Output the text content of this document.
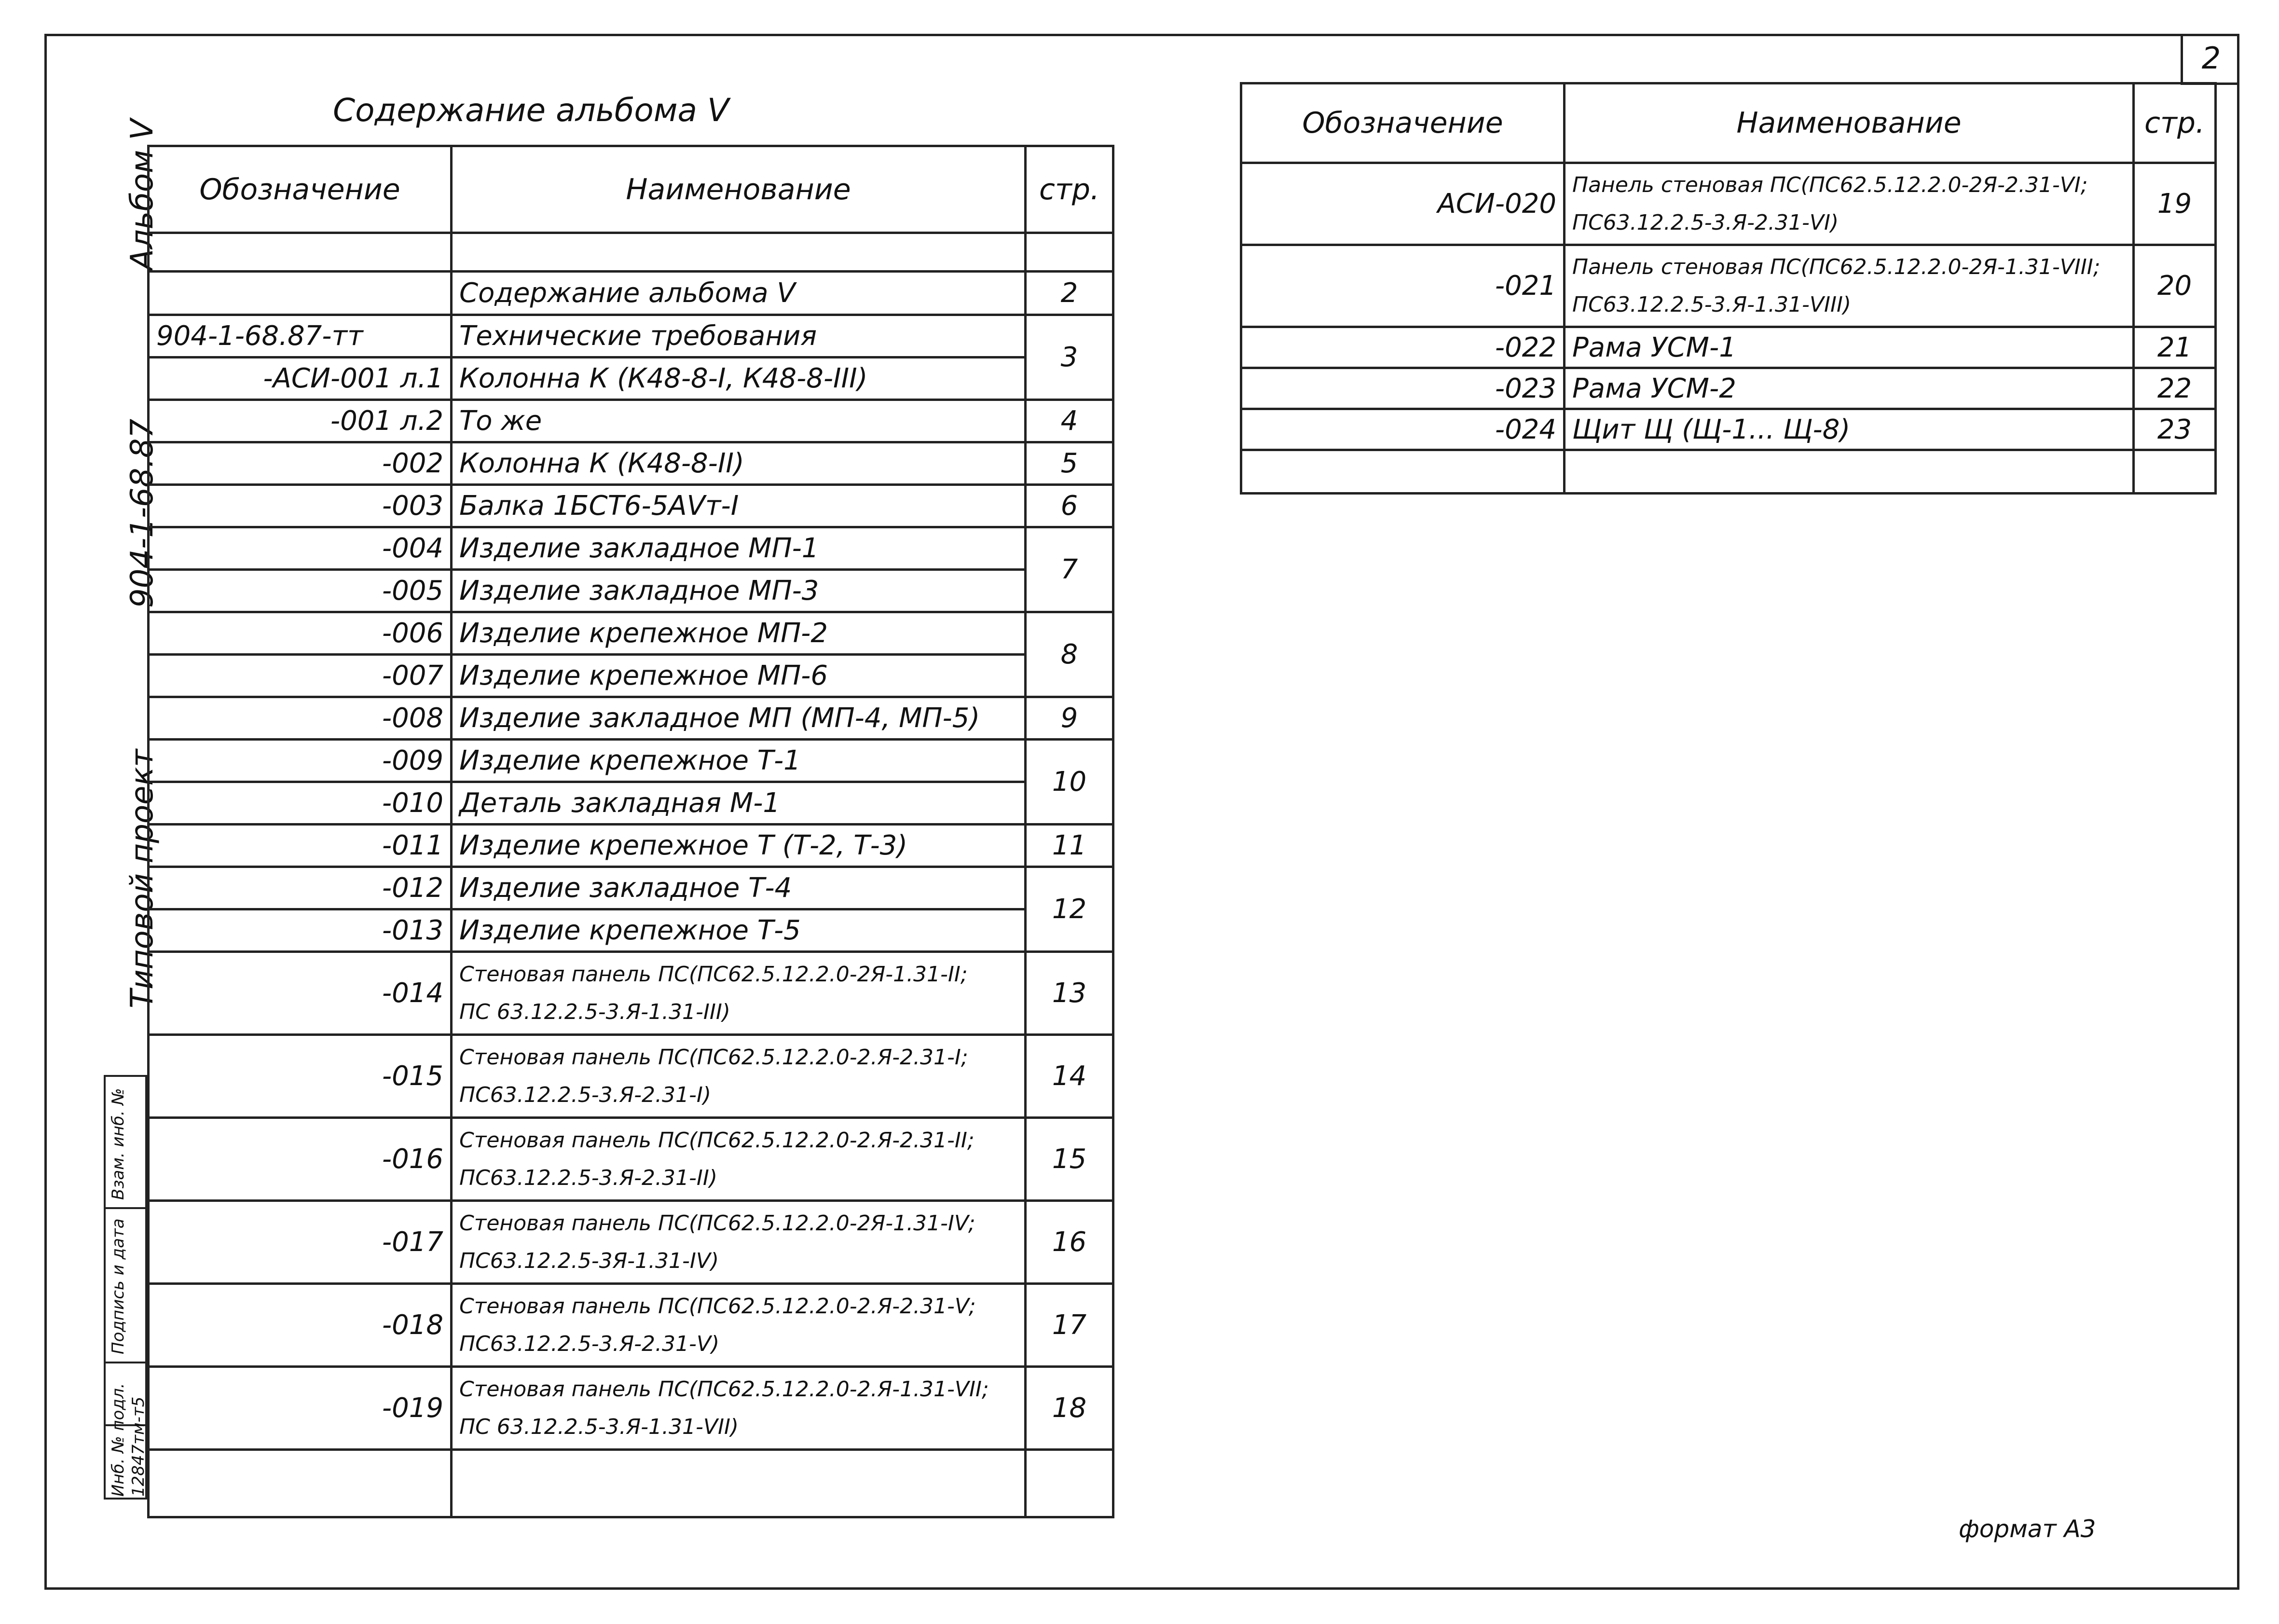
2
Альбом V
904-1-68.87
Типовой проект
Взам. инб. №
Подпись и дата
Инб. № подл. 12847тм-т5
Содержание альбома V
Обозначение	Наименование	стр.

	Содержание альбома V	2
904-1-68.87-тт	Технические требования	3
-АСИ-001 л.1	Колонна К (К48-8-I, К48-8-III)	
-001 л.2	То же	4
-002	Колонна К (К48-8-II)	5
-003	Балка 1БСТ6-5АVт-I	6
-004	Изделие закладное МП-1	7
-005	Изделие закладное МП-3	
-006	Изделие крепежное МП-2	8
-007	Изделие крепежное МП-6	
-008	Изделие закладное МП (МП-4, МП-5)	9
-009	Изделие крепежное Т-1	10
-010	Деталь закладная М-1	
-011	Изделие крепежное Т (Т-2, Т-3)	11
-012	Изделие закладное Т-4	12
-013	Изделие крепежное Т-5	
-014	Стеновая панель ПС(ПС62.5.12.2.0-2Я-1.31-II;
ПС 63.12.2.5-3.Я-1.31-III)	13
-015	Стеновая панель ПС(ПС62.5.12.2.0-2.Я-2.31-I;
ПС63.12.2.5-3.Я-2.31-I)	14
-016	Стеновая панель ПС(ПС62.5.12.2.0-2.Я-2.31-II;
ПС63.12.2.5-3.Я-2.31-II)	15
-017	Стеновая панель ПС(ПС62.5.12.2.0-2Я-1.31-IV;
ПС63.12.2.5-3Я-1.31-IV)	16
-018	Стеновая панель ПС(ПС62.5.12.2.0-2.Я-2.31-V;
ПС63.12.2.5-3.Я-2.31-V)	17
-019	Стеновая панель ПС(ПС62.5.12.2.0-2.Я-1.31-VII;
ПС 63.12.2.5-3.Я-1.31-VII)	18

Обозначение	Наименование	стр.
АСИ-020	Панель стеновая ПС(ПС62.5.12.2.0-2Я-2.31-VI;
ПС63.12.2.5-3.Я-2.31-VI)	19
-021	Панель стеновая ПС(ПС62.5.12.2.0-2Я-1.31-VIII;
ПС63.12.2.5-3.Я-1.31-VIII)	20
-022	Рама УСМ-1	21
-023	Рама УСМ-2	22
-024	Щит Щ (Щ-1... Щ-8)	23

формат А3
